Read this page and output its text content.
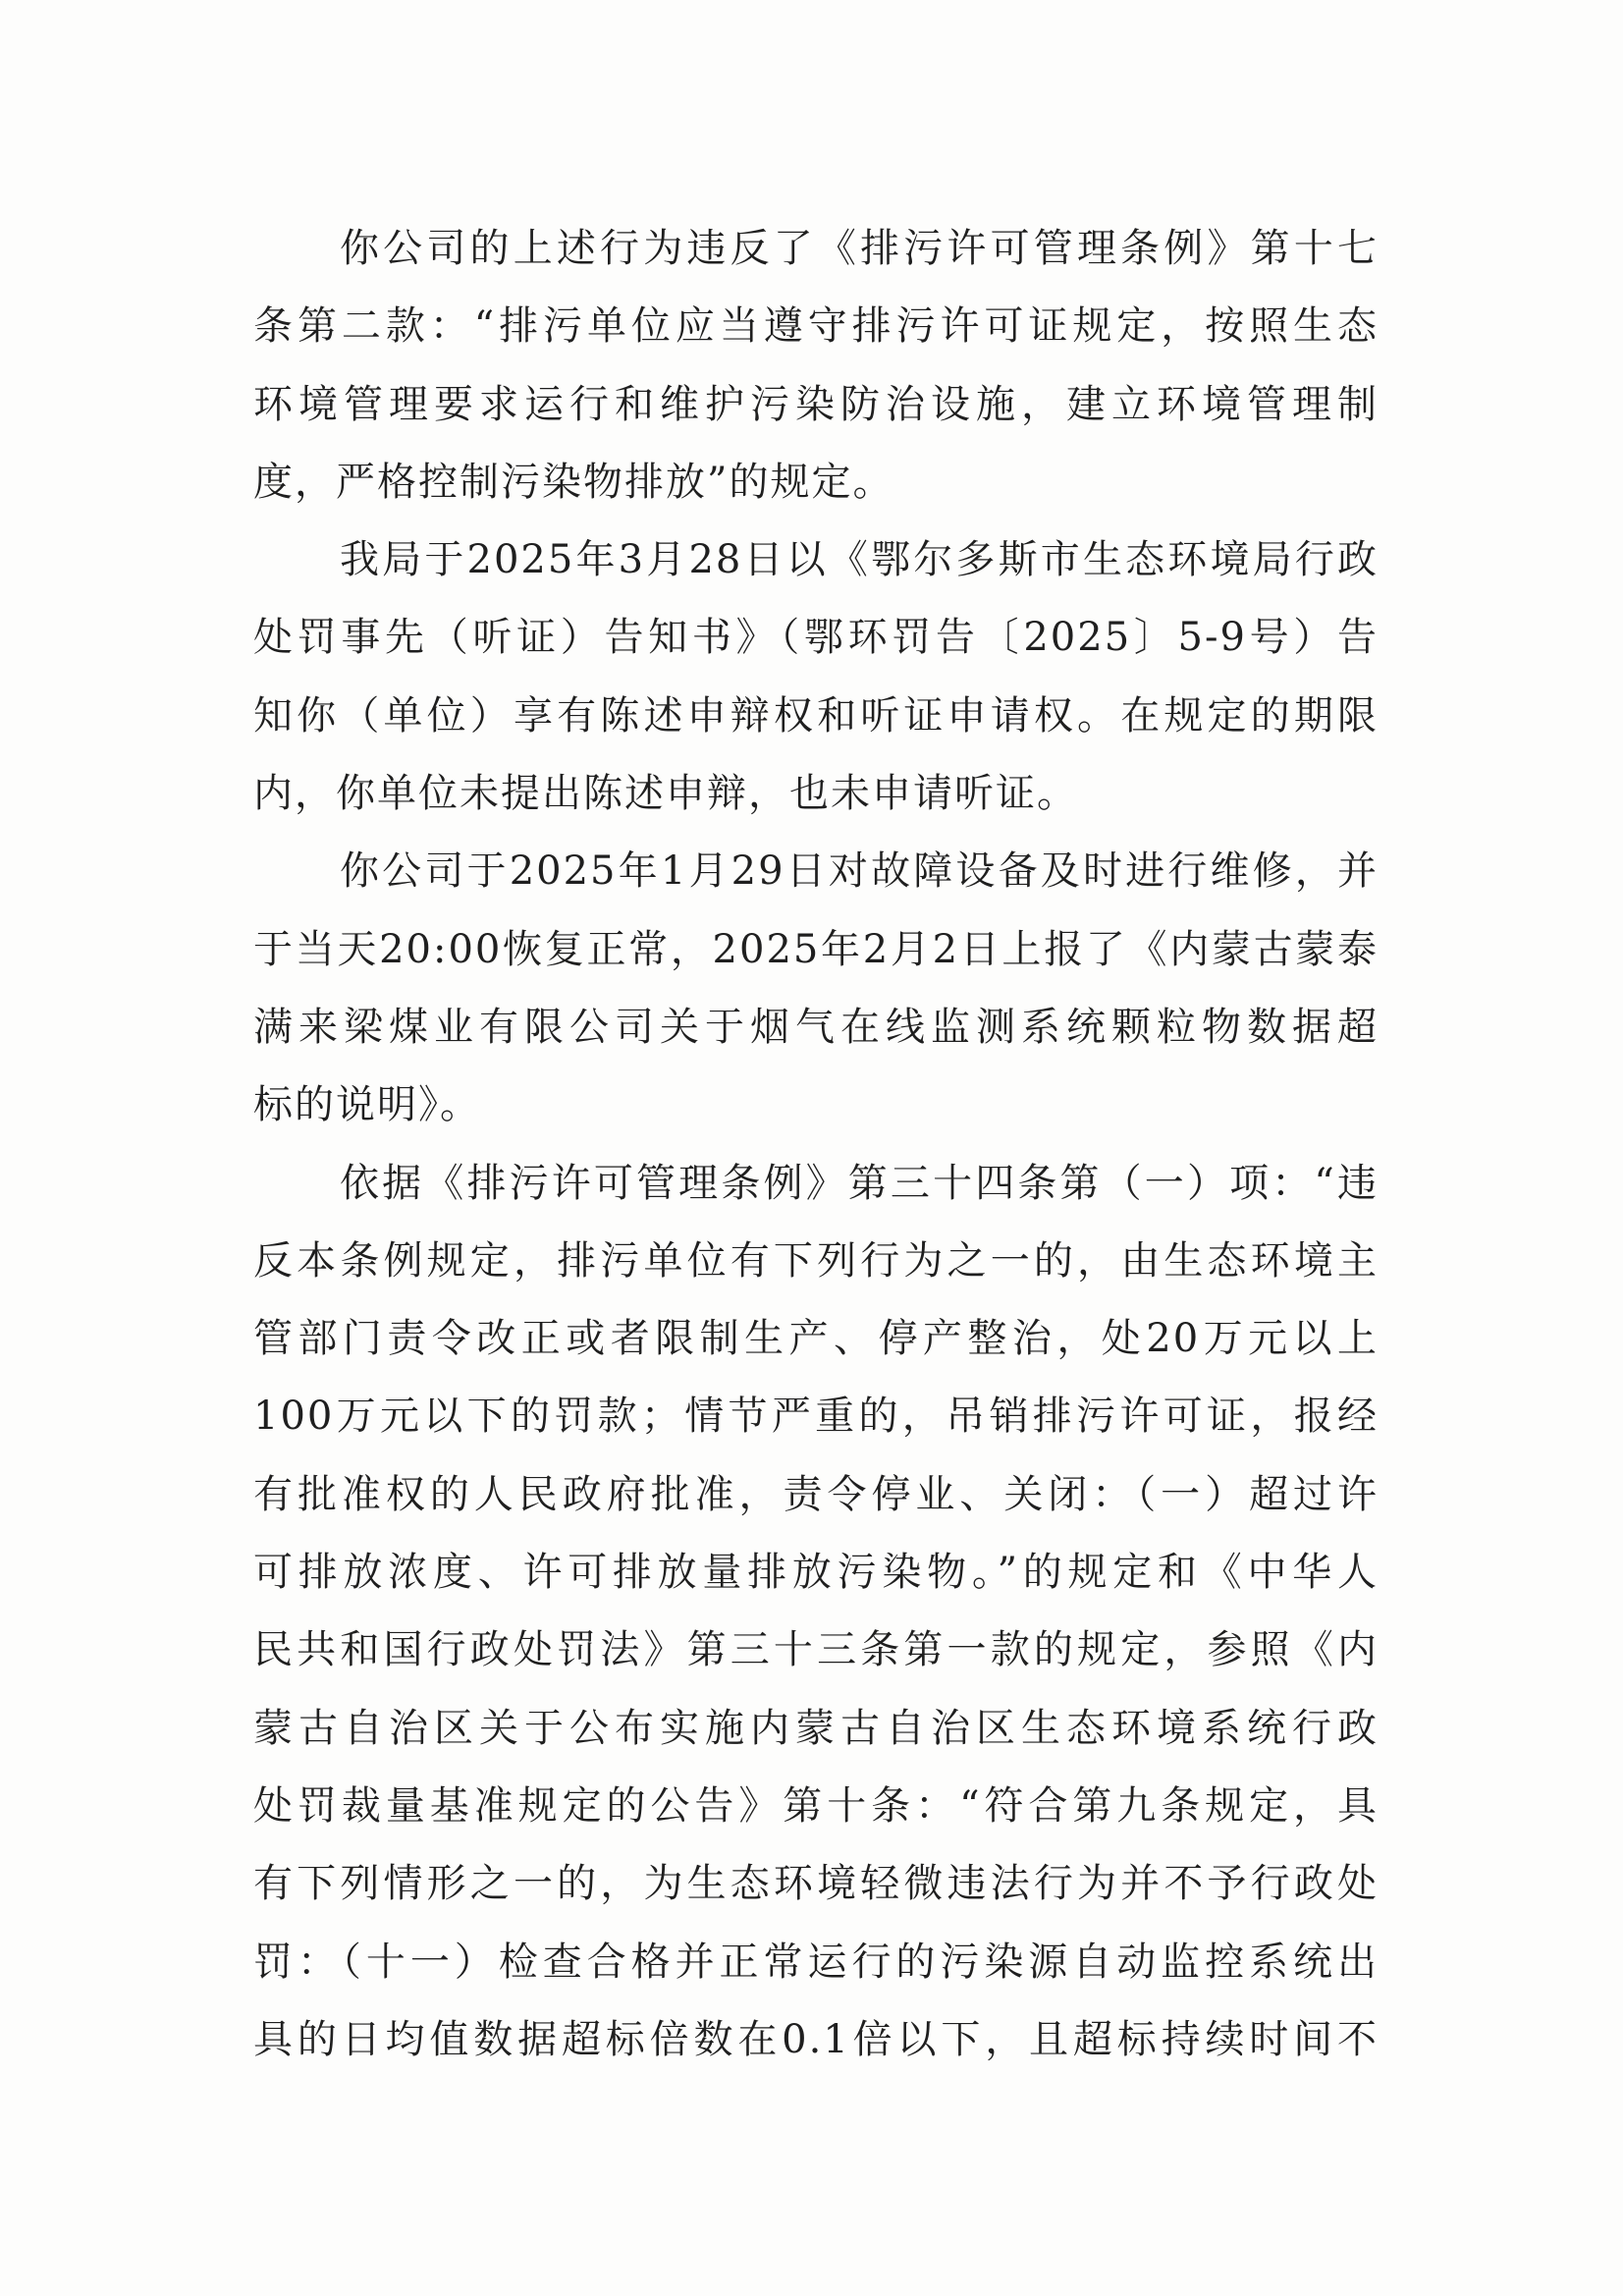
你公司的上述行为违反了《排污许可管理条例》第十七
条第二款：“排污单位应当遵守排污许可证规定，按照生态
环境管理要求运行和维护污染防治设施，建立环境管理制
度，严格控制污染物排放”的规定。
我局于2025年3月28日以《鄂尔多斯市生态环境局行政
处罚事先（听证）告知书》（鄂环罚告〔2025〕5-9号）告
知你（单位）享有陈述申辩权和听证申请权。在规定的期限
内，你单位未提出陈述申辩，也未申请听证。
你公司于2025年1月29日对故障设备及时进行维修，并
于当天20:00恢复正常，2025年2月2日上报了《内蒙古蒙泰
满来梁煤业有限公司关于烟气在线监测系统颗粒物数据超
标的说明》。
依据《排污许可管理条例》第三十四条第（一）项：“违
反本条例规定，排污单位有下列行为之一的，由生态环境主
管部门责令改正或者限制生产、停产整治，处20万元以上
100万元以下的罚款；情节严重的，吊销排污许可证，报经
有批准权的人民政府批准，责令停业、关闭：（一）超过许
可排放浓度、许可排放量排放污染物。”的规定和《中华人
民共和国行政处罚法》第三十三条第一款的规定，参照《内
蒙古自治区关于公布实施内蒙古自治区生态环境系统行政
处罚裁量基准规定的公告》第十条：“符合第九条规定，具
有下列情形之一的，为生态环境轻微违法行为并不予行政处
罚：（十一）检查合格并正常运行的污染源自动监控系统出
具的日均值数据超标倍数在0.1倍以下，且超标持续时间不
